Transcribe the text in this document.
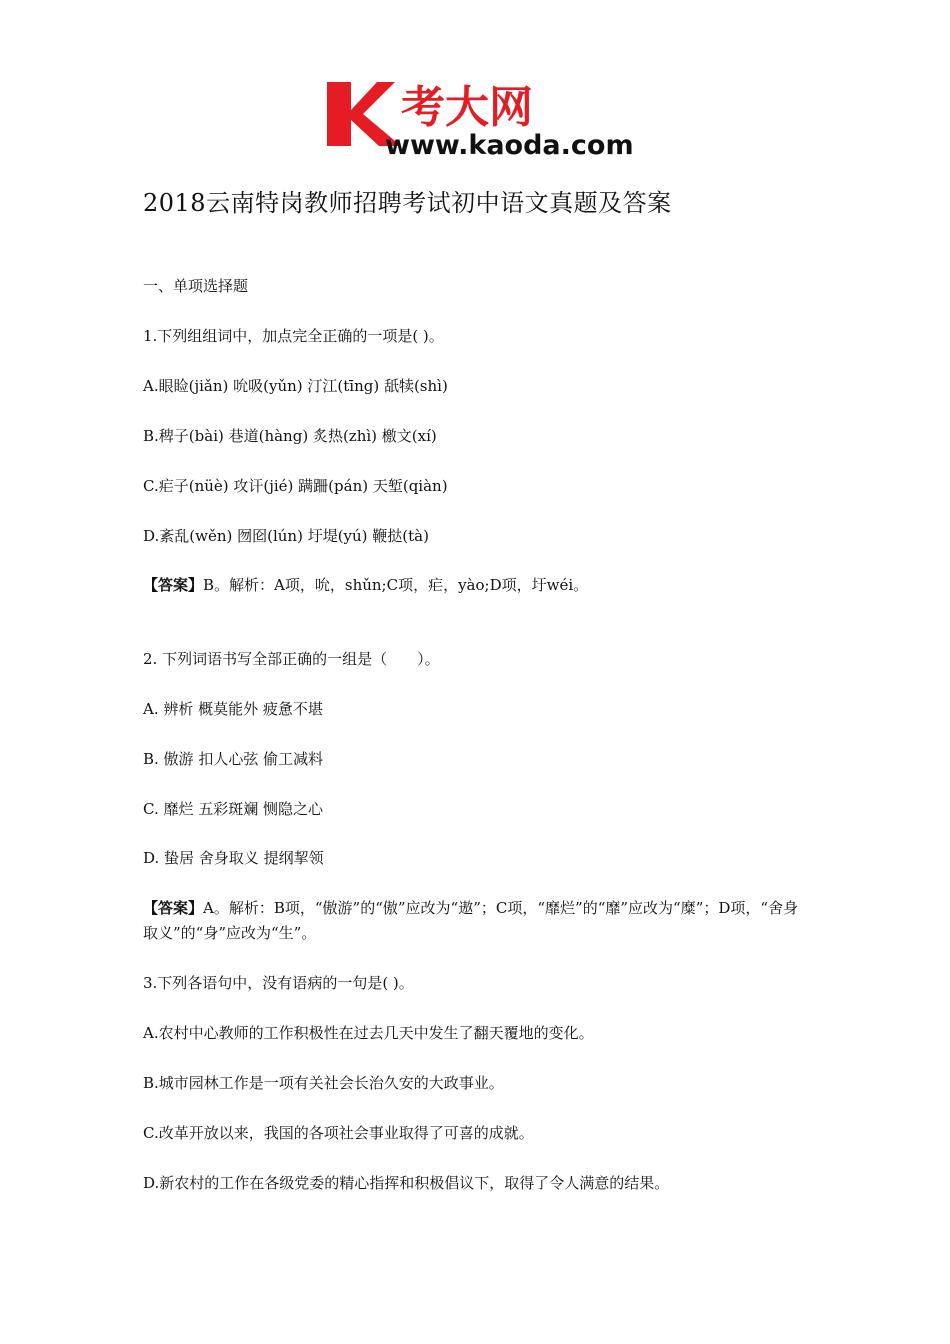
考大网
www.kaoda.com
2018云南特岗教师招聘考试初中语文真题及答案
一、单项选择题
1.下列组组词中，加点完全正确的一项是( )。
A.眼睑(jiǎn) 吮吸(yǔn) 汀江(tīng) 舐犊(shì)
B.稗子(bài) 巷道(hàng) 炙热(zhì) 檄文(xí)
C.疟子(nüè) 攻讦(jié) 蹒跚(pán) 天堑(qiàn)
D.紊乱(wěn) 囫囵(lún) 圩堤(yú) 鞭挞(tà)
【答案】B。解析：A项，吮，shǔn;C项，疟，yào;D项，圩wéi。
2. 下列词语书写全部正确的一组是（　　）。
A. 辨析 概莫能外 疲惫不堪
B. 傲游 扣人心弦 偷工减料
C. 靡烂 五彩斑斓 恻隐之心
D. 蛰居 舍身取义 提纲挈领
【答案】A。解析：B项，“傲游”的“傲”应改为“遨”；C项，“靡烂”的“靡”应改为“糜”；D项，“舍身取义”的“身”应改为“生”。
3.下列各语句中，没有语病的一句是( )。
A.农村中心教师的工作积极性在过去几天中发生了翻天覆地的变化。
B.城市园林工作是一项有关社会长治久安的大政事业。
C.改革开放以来，我国的各项社会事业取得了可喜的成就。
D.新农村的工作在各级党委的精心指挥和积极倡议下，取得了令人满意的结果。
